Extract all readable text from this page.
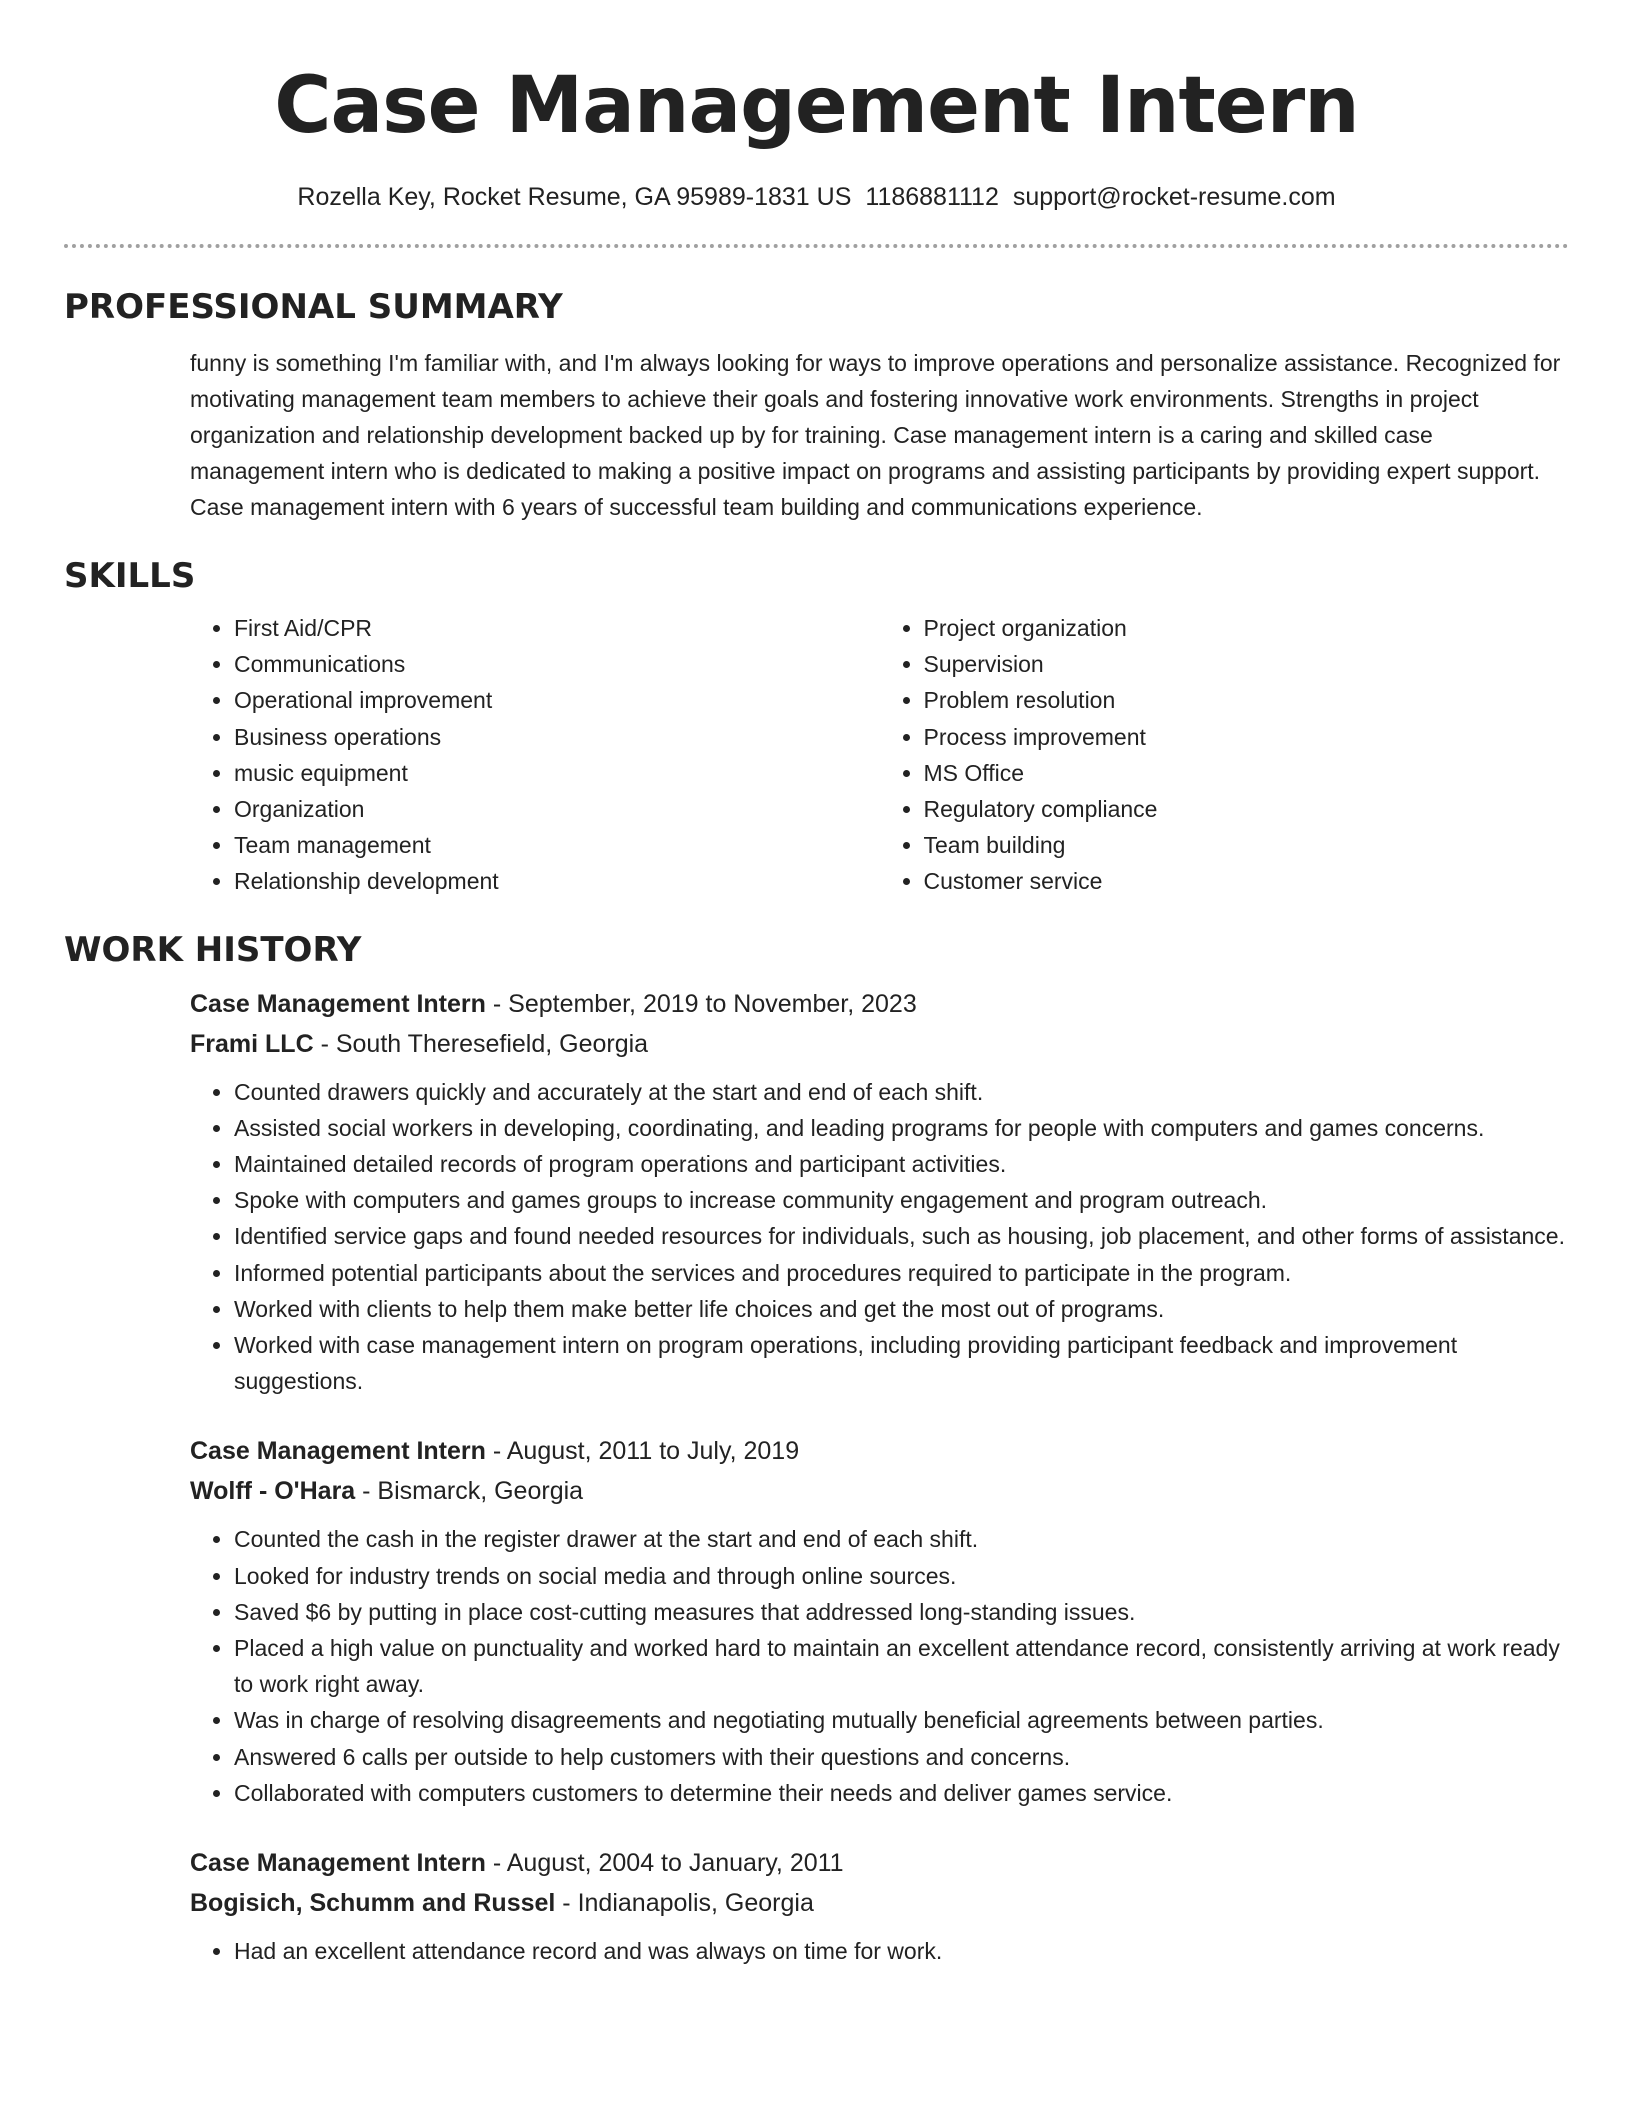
Case Management Intern
Rozella Key, Rocket Resume, GA 95989-1831 US 1186881112 support@rocket-resume.com
PROFESSIONAL SUMMARY
funny is something I'm familiar with, and I'm always looking for ways to improve operations and personalize assistance. Recognized for motivating management team members to achieve their goals and fostering innovative work environments. Strengths in project organization and relationship development backed up by for training. Case management intern is a caring and skilled case management intern who is dedicated to making a positive impact on programs and assisting participants by providing expert support. Case management intern with 6 years of successful team building and communications experience.
SKILLS
• First Aid/CPR
• Communications
• Operational improvement
• Business operations
• music equipment
• Organization
• Team management
• Relationship development
• Project organization
• Supervision
• Problem resolution
• Process improvement
• MS Office
• Regulatory compliance
• Team building
• Customer service
WORK HISTORY
Case Management Intern - September, 2019 to November, 2023
Frami LLC - South Theresefield, Georgia
• Counted drawers quickly and accurately at the start and end of each shift.
• Assisted social workers in developing, coordinating, and leading programs for people with computers and games concerns.
• Maintained detailed records of program operations and participant activities.
• Spoke with computers and games groups to increase community engagement and program outreach.
• Identified service gaps and found needed resources for individuals, such as housing, job placement, and other forms of assistance.
• Informed potential participants about the services and procedures required to participate in the program.
• Worked with clients to help them make better life choices and get the most out of programs.
• Worked with case management intern on program operations, including providing participant feedback and improvement suggestions.
Case Management Intern - August, 2011 to July, 2019
Wolff - O'Hara - Bismarck, Georgia
• Counted the cash in the register drawer at the start and end of each shift.
• Looked for industry trends on social media and through online sources.
• Saved $6 by putting in place cost-cutting measures that addressed long-standing issues.
• Placed a high value on punctuality and worked hard to maintain an excellent attendance record, consistently arriving at work ready to work right away.
• Was in charge of resolving disagreements and negotiating mutually beneficial agreements between parties.
• Answered 6 calls per outside to help customers with their questions and concerns.
• Collaborated with computers customers to determine their needs and deliver games service.
Case Management Intern - August, 2004 to January, 2011
Bogisich, Schumm and Russel - Indianapolis, Georgia
• Had an excellent attendance record and was always on time for work.
